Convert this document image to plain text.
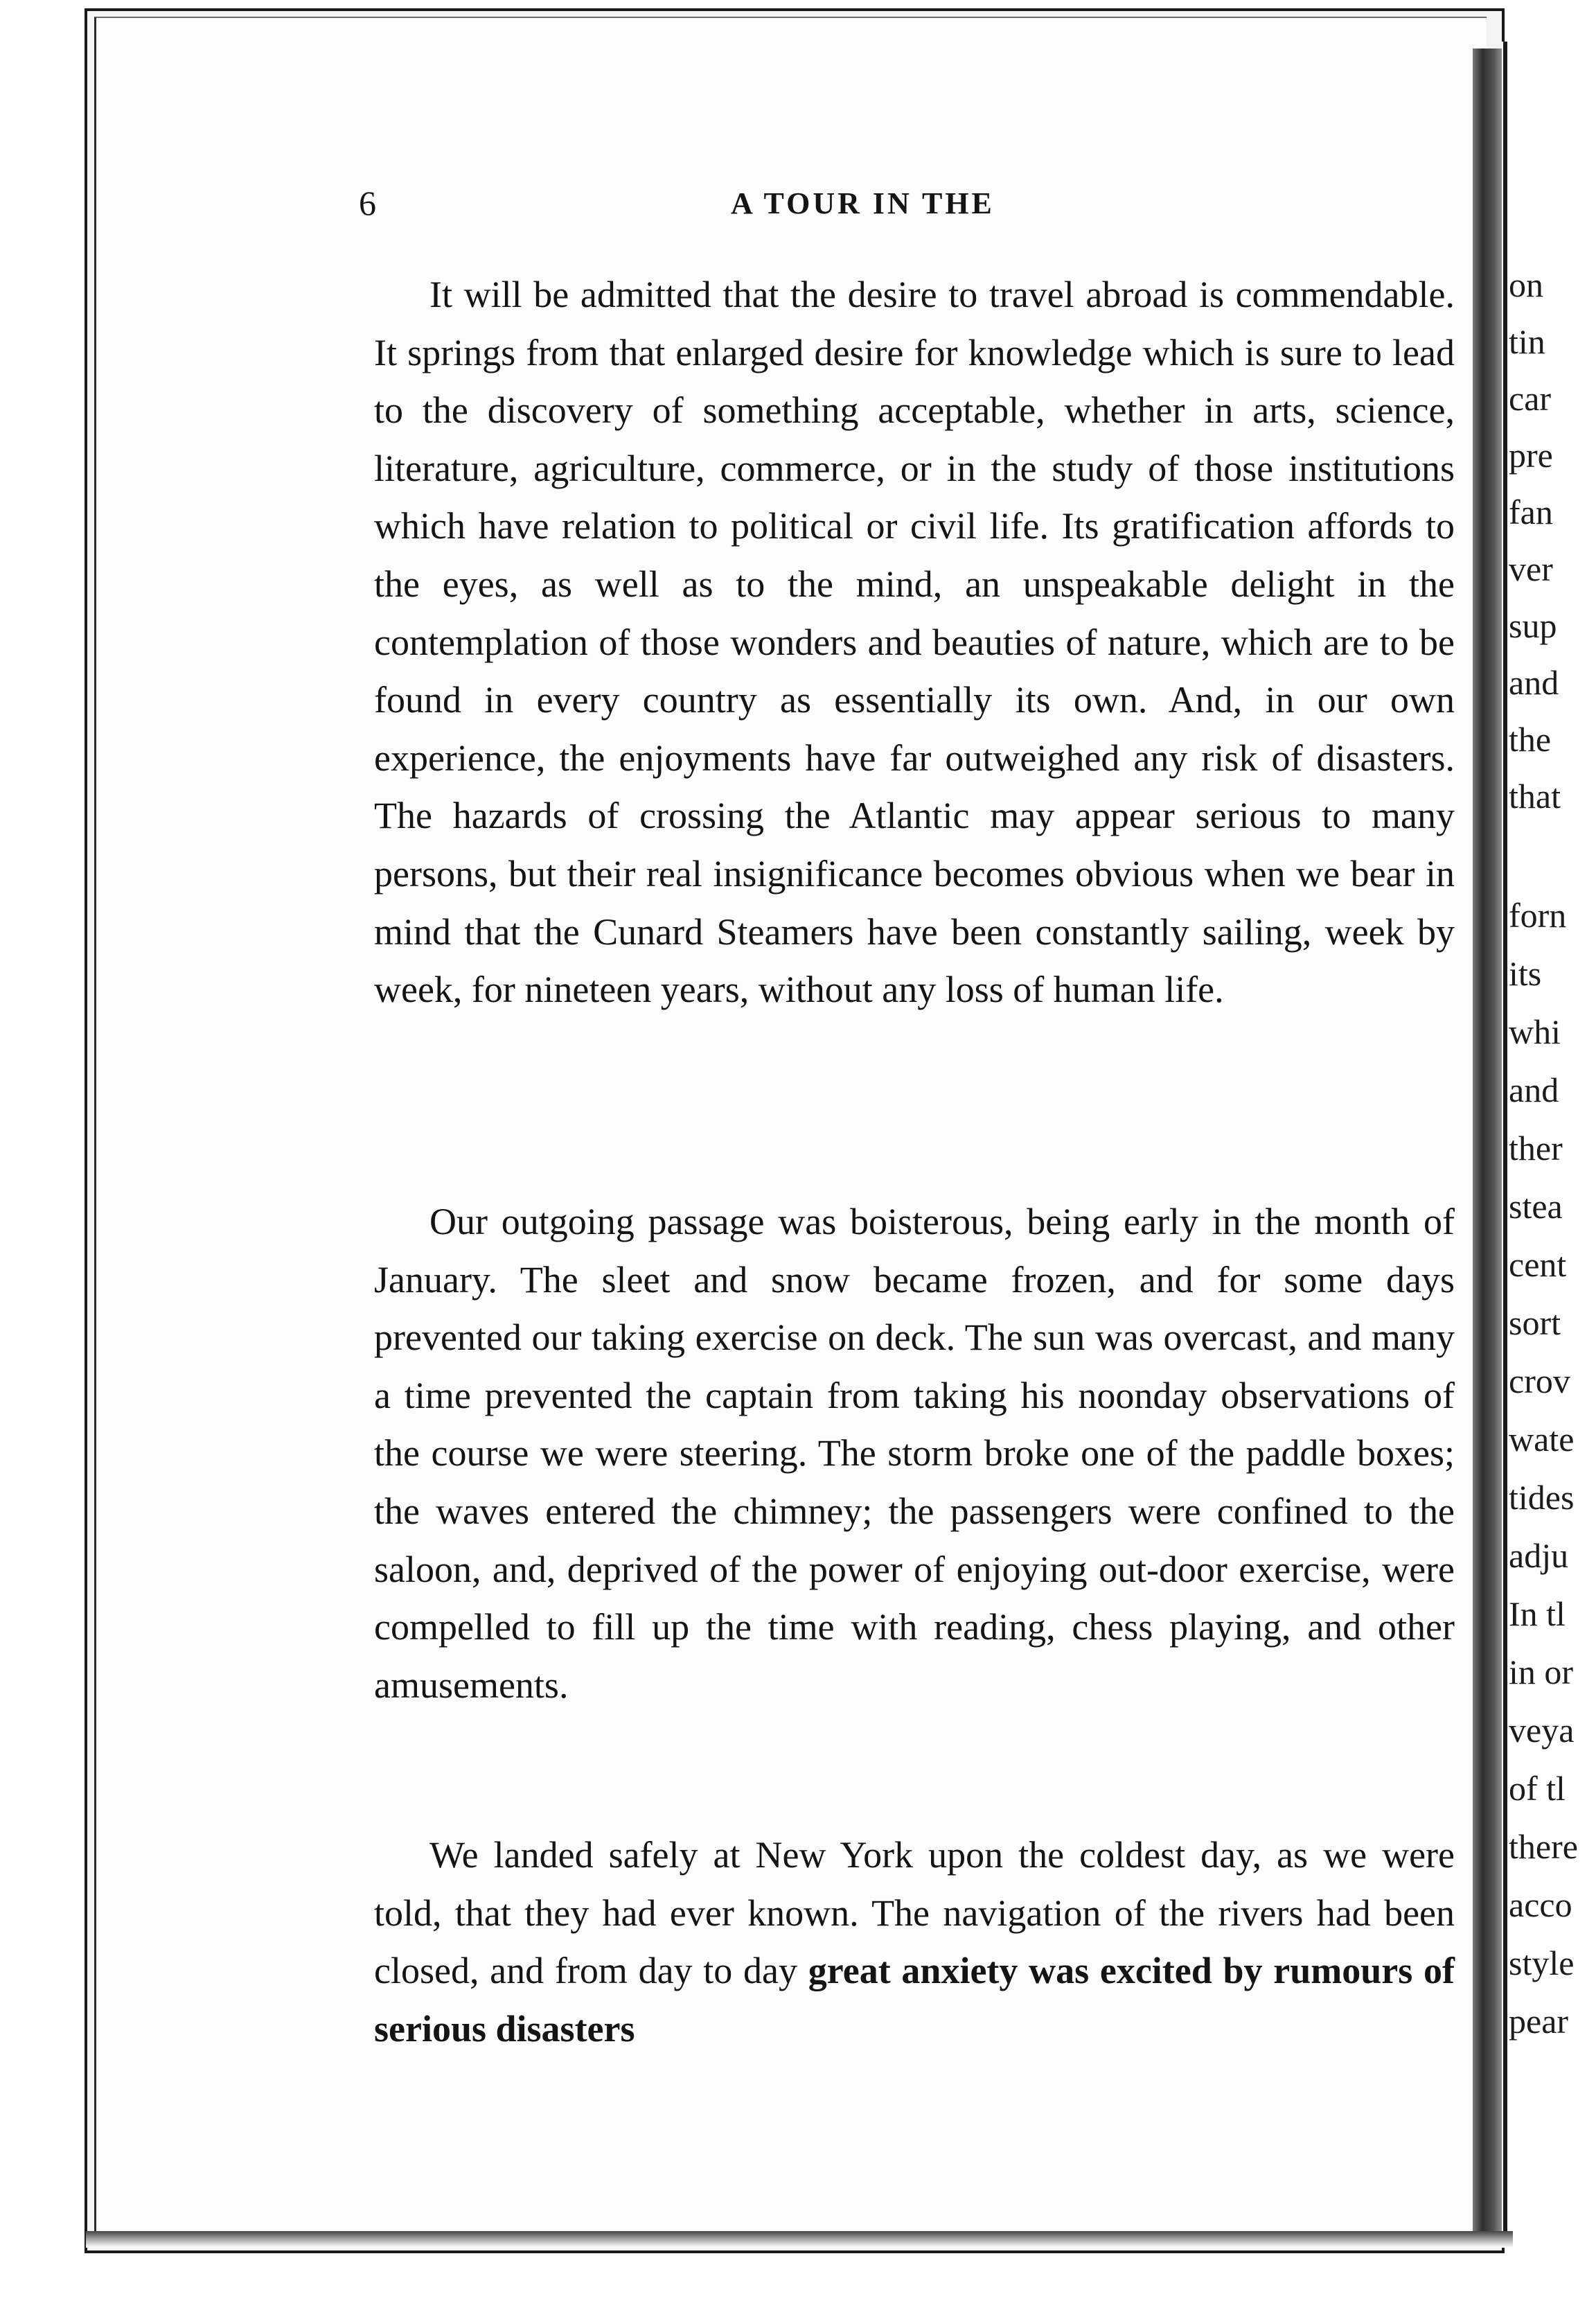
on
tin
car
pre
fan
ver
sup
and
the
that
forn
its
whi
and
ther
stea
cent
sort
crov
wate
tides
adju
In tl
in or
veya
of tl
there
acco
style
pear
6	A TOUR IN THE

It will be admitted that the desire to travel abroad is commendable. It springs from that enlarged desire for knowledge which is sure to lead to the discovery of something acceptable, whether in arts, science, literature, agriculture, commerce, or in the study of those institutions which have relation to political or civil life. Its gratification affords to the eyes, as well as to the mind, an unspeakable delight in the contemplation of those wonders and beauties of nature, which are to be found in every country as essentially its own. And, in our own experience, the enjoyments have far outweighed any risk of disasters. The hazards of crossing the Atlantic may appear serious to many persons, but their real insignificance becomes obvious when we bear in mind that the Cunard Steamers have been constantly sailing, week by week, for nineteen years, without any loss of human life.

Our outgoing passage was boisterous, being early in the month of January. The sleet and snow became frozen, and for some days prevented our taking exercise on deck. The sun was overcast, and many a time prevented the captain from taking his noonday observations of the course we were steering. The storm broke one of the paddle boxes; the waves entered the chimney; the passengers were confined to the saloon, and, deprived of the power of enjoying out-door exercise, were compelled to fill up the time with reading, chess playing, and other amusements.

We landed safely at New York upon the coldest day, as we were told, that they had ever known. The navigation of the rivers had been closed, and from day to day great anxiety was excited by rumours of serious disasters
